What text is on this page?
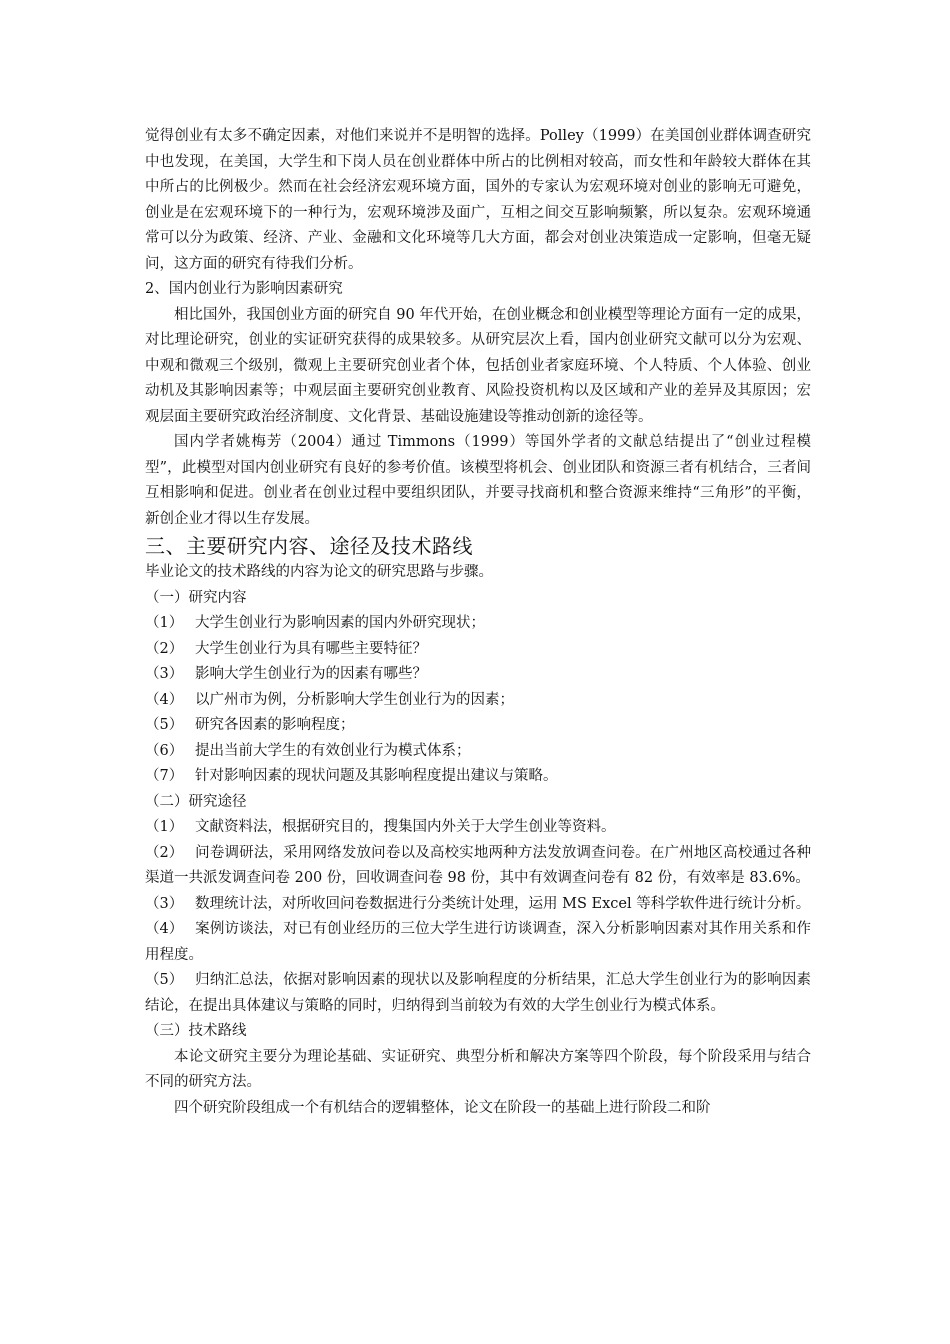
觉得创业有太多不确定因素，对他们来说并不是明智的选择。Polley（1999）在美国创业群体调查研究中也发现，在美国，大学生和下岗人员在创业群体中所占的比例相对较高，而女性和年龄较大群体在其中所占的比例极少。然而在社会经济宏观环境方面，国外的专家认为宏观环境对创业的影响无可避免，创业是在宏观环境下的一种行为，宏观环境涉及面广，互相之间交互影响频繁，所以复杂。宏观环境通常可以分为政策、经济、产业、金融和文化环境等几大方面，都会对创业决策造成一定影响，但毫无疑问，这方面的研究有待我们分析。

2、国内创业行为影响因素研究

相比国外，我国创业方面的研究自 90 年代开始，在创业概念和创业模型等理论方面有一定的成果，对比理论研究，创业的实证研究获得的成果较多。从研究层次上看，国内创业研究文献可以分为宏观、中观和微观三个级别，微观上主要研究创业者个体，包括创业者家庭环境、个人特质、个人体验、创业动机及其影响因素等；中观层面主要研究创业教育、风险投资机构以及区域和产业的差异及其原因；宏观层面主要研究政治经济制度、文化背景、基础设施建设等推动创新的途径等。

国内学者姚梅芳（2004）通过 Timmons（1999）等国外学者的文献总结提出了“创业过程模型”，此模型对国内创业研究有良好的参考价值。该模型将机会、创业团队和资源三者有机结合，三者间互相影响和促进。创业者在创业过程中要组织团队，并要寻找商机和整合资源来维持“三角形”的平衡，新创企业才得以生存发展。

三、主要研究内容、途径及技术路线

毕业论文的技术路线的内容为论文的研究思路与步骤。

（一）研究内容

（1） 大学生创业行为影响因素的国内外研究现状；

（2） 大学生创业行为具有哪些主要特征？

（3） 影响大学生创业行为的因素有哪些？

（4） 以广州市为例，分析影响大学生创业行为的因素；

（5） 研究各因素的影响程度；

（6） 提出当前大学生的有效创业行为模式体系；

（7） 针对影响因素的现状问题及其影响程度提出建议与策略。

（二）研究途径

（1） 文献资料法，根据研究目的，搜集国内外关于大学生创业等资料。

（2） 问卷调研法，采用网络发放问卷以及高校实地两种方法发放调查问卷。在广州地区高校通过各种渠道一共派发调查问卷 200 份，回收调查问卷 98 份，其中有效调查问卷有 82 份，有效率是 83.6%。

（3） 数理统计法，对所收回问卷数据进行分类统计处理，运用 MS Excel 等科学软件进行统计分析。

（4） 案例访谈法，对已有创业经历的三位大学生进行访谈调查，深入分析影响因素对其作用关系和作用程度。

（5） 归纳汇总法，依据对影响因素的现状以及影响程度的分析结果，汇总大学生创业行为的影响因素结论，在提出具体建议与策略的同时，归纳得到当前较为有效的大学生创业行为模式体系。

（三）技术路线

本论文研究主要分为理论基础、实证研究、典型分析和解决方案等四个阶段，每个阶段采用与结合不同的研究方法。

四个研究阶段组成一个有机结合的逻辑整体，论文在阶段一的基础上进行阶段二和阶
